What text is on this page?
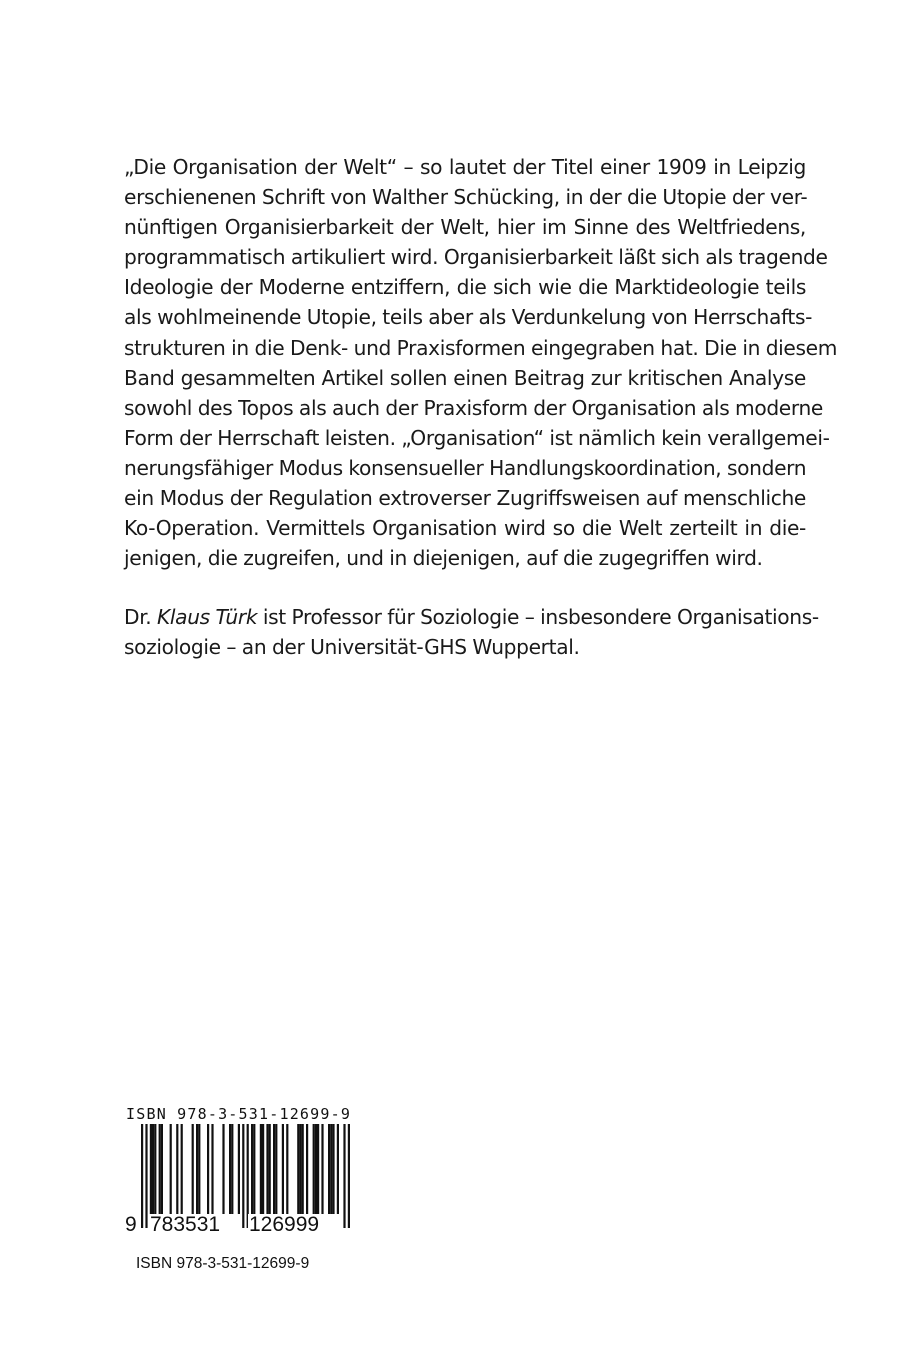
„Die Organisation der Welt“ – so lautet der Titel einer 1909 in Leipzig
erschienenen Schrift von Walther Schücking, in der die Utopie der ver-
nünftigen Organisierbarkeit der Welt, hier im Sinne des Weltfriedens,
programmatisch artikuliert wird. Organisierbarkeit läßt sich als tragende
Ideologie der Moderne entziffern, die sich wie die Marktideologie teils
als wohlmeinende Utopie, teils aber als Verdunkelung von Herrschafts-
strukturen in die Denk- und Praxisformen eingegraben hat. Die in diesem
Band gesammelten Artikel sollen einen Beitrag zur kritischen Analyse
sowohl des Topos als auch der Praxisform der Organisation als moderne
Form der Herrschaft leisten. „Organisation“ ist nämlich kein verallgemei-
nerungsfähiger Modus konsensueller Handlungskoordination, sondern
ein Modus der Regulation extroverser Zugriffsweisen auf menschliche
Ko-Operation. Vermittels Organisation wird so die Welt zerteilt in die-
jenigen, die zugreifen, und in diejenigen, auf die zugegriffen wird.
Dr. Klaus Türk ist Professor für Soziologie – insbesondere Organisations-
soziologie – an der Universität-GHS Wuppertal.
ISBN 978-3-531-12699-9
9 783531 126999
ISBN 978-3-531-12699-9
